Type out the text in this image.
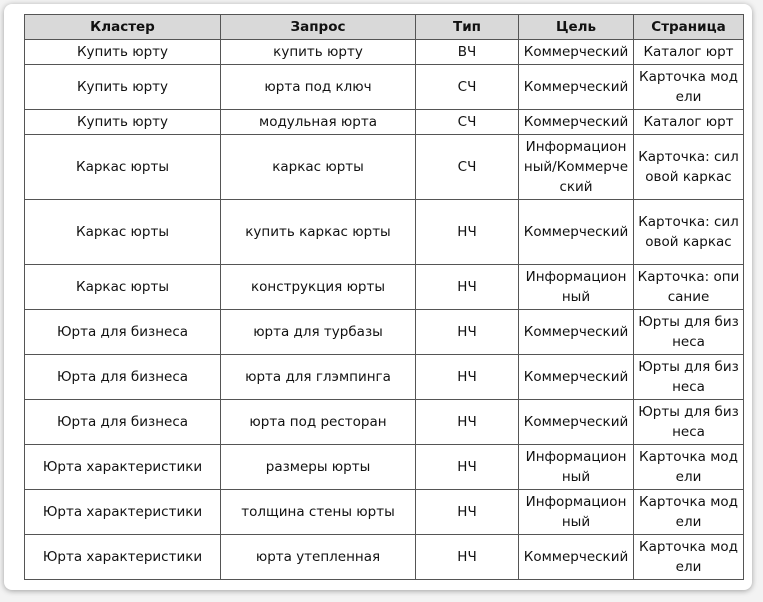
Кластер	Запрос	Тип	Цель	Страница
Купить юрту	купить юрту	ВЧ	Коммерческий	Каталог юрт
Купить юрту	юрта под ключ	СЧ	Коммерческий	Карточка модели
Купить юрту	модульная юрта	СЧ	Коммерческий	Каталог юрт
Каркас юрты	каркас юрты	СЧ	Информационный/Коммерческий	Карточка: силовой каркас
Каркас юрты	купить каркас юрты	НЧ	Коммерческий	Карточка: силовой каркас
Каркас юрты	конструкция юрты	НЧ	Информационный	Карточка: описание
Юрта для бизнеса	юрта для турбазы	НЧ	Коммерческий	Юрты для бизнеса
Юрта для бизнеса	юрта для глэмпинга	НЧ	Коммерческий	Юрты для бизнеса
Юрта для бизнеса	юрта под ресторан	НЧ	Коммерческий	Юрты для бизнеса
Юрта характеристики	размеры юрты	НЧ	Информационный	Карточка модели
Юрта характеристики	толщина стены юрты	НЧ	Информационный	Карточка модели
Юрта характеристики	юрта утепленная	НЧ	Коммерческий	Карточка модели
